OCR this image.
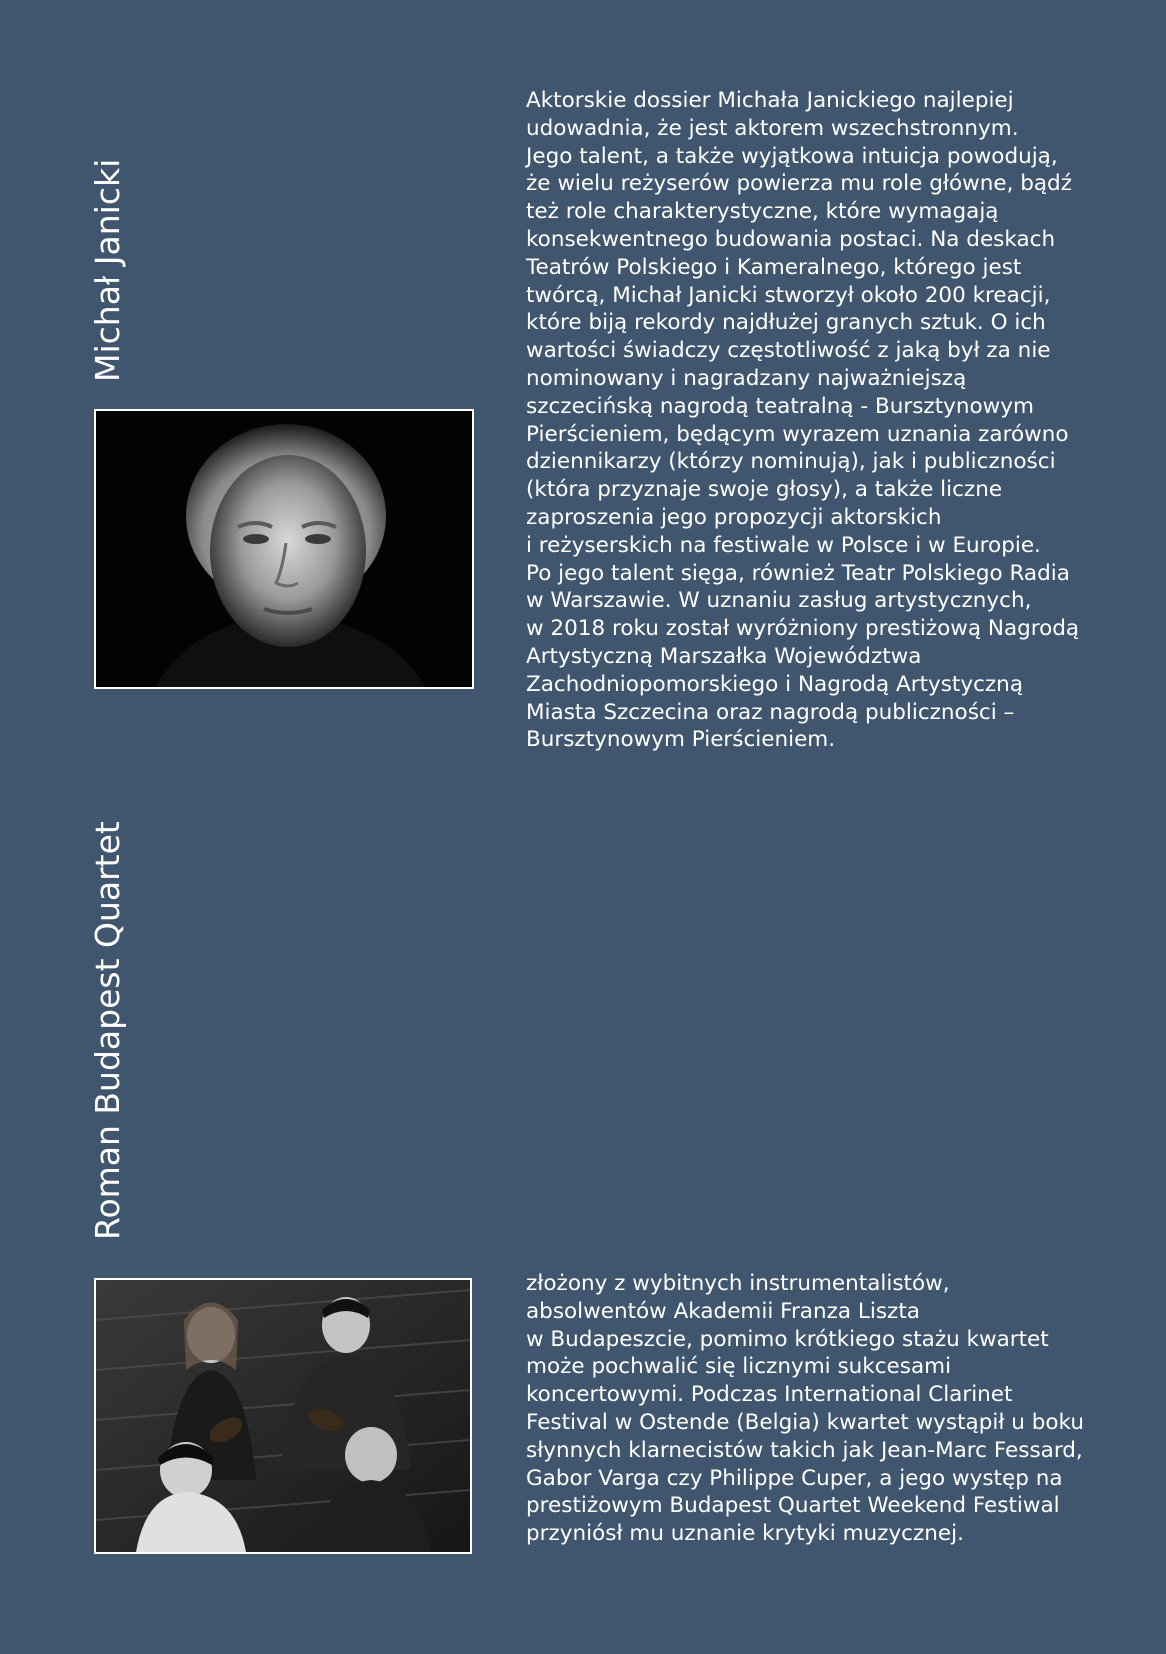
Michał Janicki
Aktorskie dossier Michała Janickiego najlepiej
udowadnia, że jest aktorem wszechstronnym.
Jego talent, a także wyjątkowa intuicja powodują,
że wielu reżyserów powierza mu role główne, bądź
też role charakterystyczne, które wymagają
konsekwentnego budowania postaci. Na deskach
Teatrów Polskiego i Kameralnego, którego jest
twórcą, Michał Janicki stworzył około 200 kreacji,
które biją rekordy najdłużej granych sztuk. O ich
wartości świadczy częstotliwość z jaką był za nie
nominowany i nagradzany najważniejszą
szczecińską nagrodą teatralną - Bursztynowym
Pierścieniem, będącym wyrazem uznania zarówno
dziennikarzy (którzy nominują), jak i publiczności
(która przyznaje swoje głosy), a także liczne
zaproszenia jego propozycji aktorskich
i reżyserskich na festiwale w Polsce i w Europie.
Po jego talent sięga, również Teatr Polskiego Radia
w Warszawie. W uznaniu zasług artystycznych,
w 2018 roku został wyróżniony prestiżową Nagrodą
Artystyczną Marszałka Województwa
Zachodniopomorskiego i Nagrodą Artystyczną
Miasta Szczecina oraz nagrodą publiczności –
Bursztynowym Pierścieniem.
Roman Budapest Quartet
złożony z wybitnych instrumentalistów,
absolwentów Akademii Franza Liszta
w Budapeszcie, pomimo krótkiego stażu kwartet
może pochwalić się licznymi sukcesami
koncertowymi. Podczas International Clarinet
Festival w Ostende (Belgia) kwartet wystąpił u boku
słynnych klarnecistów takich jak Jean-Marc Fessard,
Gabor Varga czy Philippe Cuper, a jego występ na
prestiżowym Budapest Quartet Weekend Festiwal
przyniósł mu uznanie krytyki muzycznej.
